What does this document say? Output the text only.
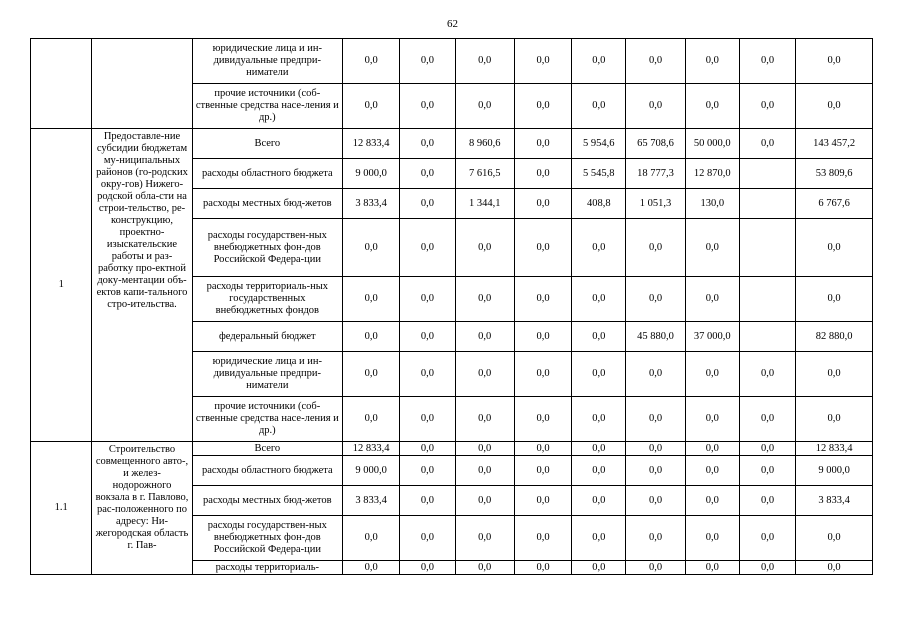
62
		юридические лица и ин-дивидуальные предпри-ниматели	0,0	0,0	0,0	0,0	0,0	0,0	0,0	0,0	0,0
		прочие источники (соб-ственные средства насе-ления и др.)	0,0	0,0	0,0	0,0	0,0	0,0	0,0	0,0	0,0
1	Предоставле-ние субсидии бюджетам му-ниципальных районов (го-родских окру-гов) Нижего-родской обла-сти на строи-тельство, ре-конструкцию, проектно-изыскательские работы и раз-работку про-ектной доку-ментации объ-ектов капи-тального стро-ительства.	Всего	12 833,4	0,0	8 960,6	0,0	5 954,6	65 708,6	50 000,0	0,0	143 457,2
		расходы областного бюджета	9 000,0	0,0	7 616,5	0,0	5 545,8	18 777,3	12 870,0		53 809,6
		расходы местных бюд-жетов	3 833,4	0,0	1 344,1	0,0	408,8	1 051,3	130,0		6 767,6
		расходы государствен-ных внебюджетных фон-дов Российской Федера-ции	0,0	0,0	0,0	0,0	0,0	0,0	0,0		0,0
		расходы территориаль-ных государственных внебюджетных фондов	0,0	0,0	0,0	0,0	0,0	0,0	0,0		0,0
		федеральный бюджет	0,0	0,0	0,0	0,0	0,0	45 880,0	37 000,0		82 880,0
		юридические лица и ин-дивидуальные предпри-ниматели	0,0	0,0	0,0	0,0	0,0	0,0	0,0	0,0	0,0
		прочие источники (соб-ственные средства насе-ления и др.)	0,0	0,0	0,0	0,0	0,0	0,0	0,0	0,0	0,0
1.1	Строительство совмещенного авто-, и желез-нодорожного вокзала в г. Павлово, рас-положенного по адресу: Ни-жегородская область г. Пав-	Всего	12 833,4	0,0	0,0	0,0	0,0	0,0	0,0	0,0	12 833,4
		расходы областного бюджета	9 000,0	0,0	0,0	0,0	0,0	0,0	0,0	0,0	9 000,0
		расходы местных бюд-жетов	3 833,4	0,0	0,0	0,0	0,0	0,0	0,0	0,0	3 833,4
		расходы государствен-ных внебюджетных фон-дов Российской Федера-ции	0,0	0,0	0,0	0,0	0,0	0,0	0,0	0,0	0,0
		расходы территориаль-	0,0	0,0	0,0	0,0	0,0	0,0	0,0	0,0	0,0
